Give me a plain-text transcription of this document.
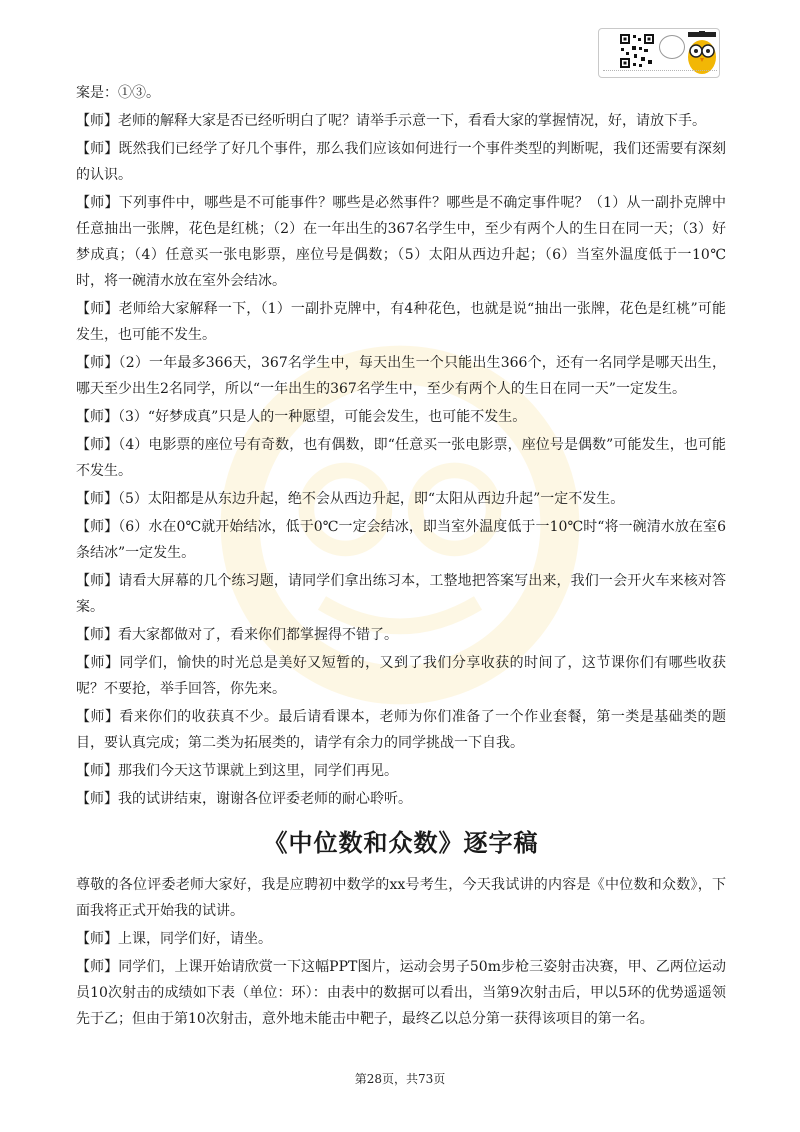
案是：①③。

【师】老师的解释大家是否已经听明白了呢？请举手示意一下，看看大家的掌握情况，好，请放下手。

【师】既然我们已经学了好几个事件，那么我们应该如何进行一个事件类型的判断呢，我们还需要有深刻的认识。

【师】下列事件中，哪些是不可能事件？哪些是必然事件？哪些是不确定事件呢？（1）从一副扑克牌中任意抽出一张牌，花色是红桃；（2）在一年出生的367名学生中，至少有两个人的生日在同一天；（3）好梦成真；（4）任意买一张电影票，座位号是偶数；（5）太阳从西边升起；（6）当室外温度低于一10℃时，将一碗清水放在室外会结冰。

【师】老师给大家解释一下，（1）一副扑克牌中，有4种花色，也就是说“抽出一张牌，花色是红桃”可能发生，也可能不发生。

【师】（2）一年最多366天，367名学生中，每天出生一个只能出生366个，还有一名同学是哪天出生，哪天至少出生2名同学，所以“一年出生的367名学生中，至少有两个人的生日在同一天”一定发生。

【师】（3）“好梦成真”只是人的一种愿望，可能会发生，也可能不发生。

【师】（4）电影票的座位号有奇数，也有偶数，即“任意买一张电影票，座位号是偶数”可能发生，也可能不发生。

【师】（5）太阳都是从东边升起，绝不会从西边升起，即“太阳从西边升起”一定不发生。

【师】（6）水在0℃就开始结冰，低于0℃一定会结冰，即当室外温度低于一10℃时“将一碗清水放在室6条结冰”一定发生。

【师】请看大屏幕的几个练习题，请同学们拿出练习本，工整地把答案写出来，我们一会开火车来核对答案。

【师】看大家都做对了，看来你们都掌握得不错了。

【师】同学们，愉快的时光总是美好又短暂的，又到了我们分享收获的时间了，这节课你们有哪些收获呢？不要抢，举手回答，你先来。

【师】看来你们的收获真不少。最后请看课本，老师为你们准备了一个作业套餐，第一类是基础类的题目，要认真完成；第二类为拓展类的，请学有余力的同学挑战一下自我。

【师】那我们今天这节课就上到这里，同学们再见。

【师】我的试讲结束，谢谢各位评委老师的耐心聆听。

《中位数和众数》逐字稿

尊敬的各位评委老师大家好，我是应聘初中数学的xx号考生，今天我试讲的内容是《中位数和众数》，下面我将正式开始我的试讲。

【师】上课，同学们好，请坐。

【师】同学们，上课开始请欣赏一下这幅PPT图片，运动会男子50m步枪三姿射击决赛，甲、乙两位运动员10次射击的成绩如下表（单位：环）：由表中的数据可以看出，当第9次射击后，甲以5环的优势遥遥领先于乙；但由于第10次射击，意外地未能击中靶子，最终乙以总分第一获得该项目的第一名。

第28页，共73页
